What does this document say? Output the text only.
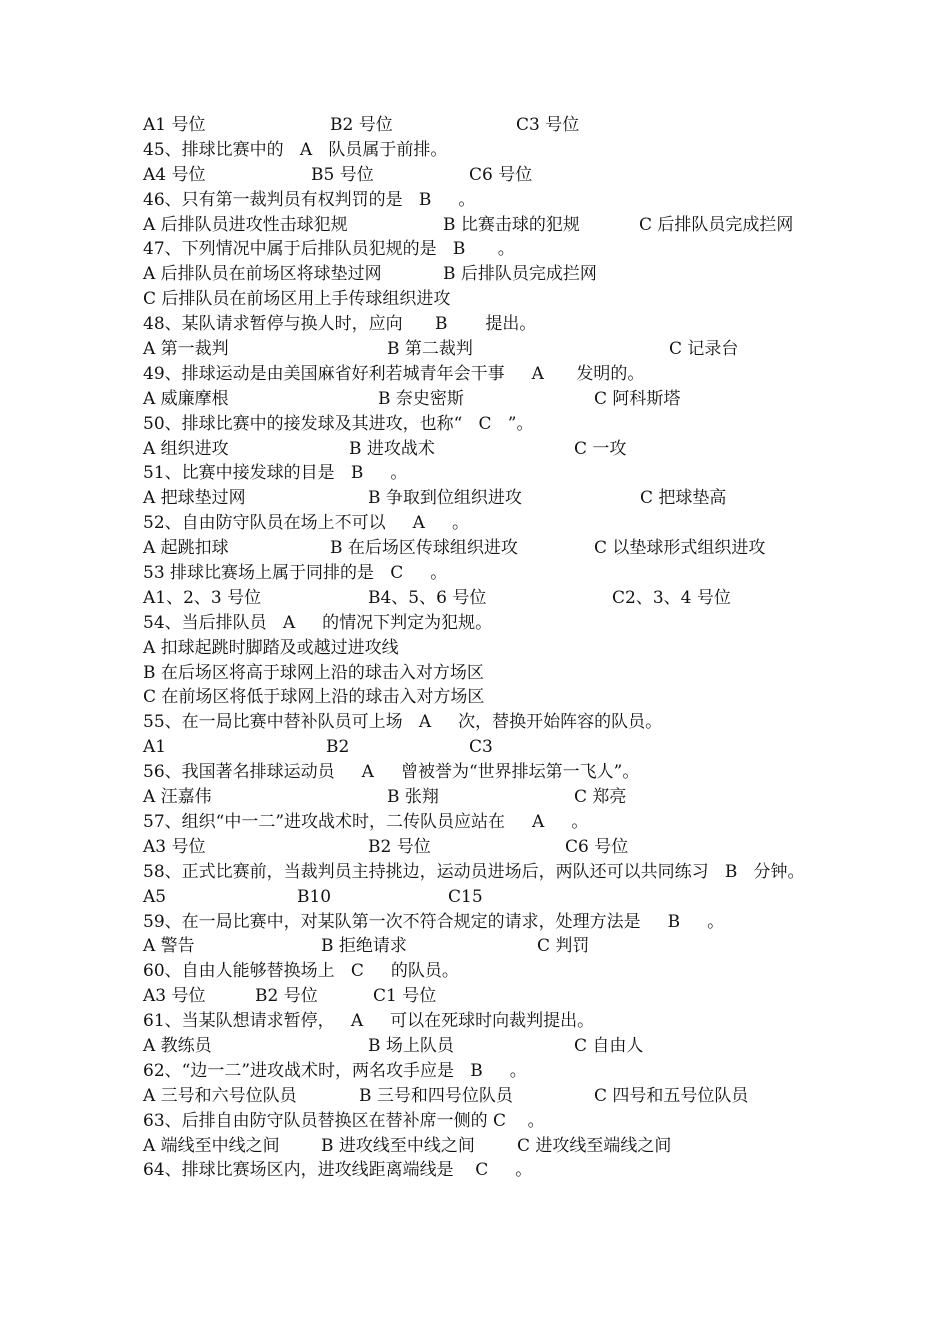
A1 号位	B2 号位	C3 号位
45、排球比赛中的   A   队员属于前排。
A4 号位	B5 号位	C6 号位
46、只有第一裁判员有权判罚的是   B     。
A 后排队员进攻性击球犯规	B 比赛击球的犯规	C 后排队员完成拦网
47、下列情况中属于后排队员犯规的是   B      。
A 后排队员在前场区将球垫过网	B 后排队员完成拦网
C 后排队员在前场区用上手传球组织进攻
48、某队请求暂停与换人时，应向      B       提出。
A 第一裁判	B 第二裁判	C 记录台
49、排球运动是由美国麻省好利若城青年会干事     A      发明的。
A 威廉摩根	B 奈史密斯	C 阿科斯塔
50、排球比赛中的接发球及其进攻，也称“   C   ”。
A 组织进攻	B 进攻战术	C 一攻
51、比赛中接发球的目是   B     。
A 把球垫过网	B 争取到位组织进攻	C 把球垫高
52、自由防守队员在场上不可以     A     。
A 起跳扣球	B 在后场区传球组织进攻	C 以垫球形式组织进攻
53 排球比赛场上属于同排的是   C     。
A1、2、3 号位	B4、5、6 号位	C2、3、4 号位
54、当后排队员   A     的情况下判定为犯规。
A 扣球起跳时脚踏及或越过进攻线
B 在后场区将高于球网上沿的球击入对方场区
C 在前场区将低于球网上沿的球击入对方场区
55、在一局比赛中替补队员可上场   A     次，替换开始阵容的队员。
A1	B2	C3
56、我国著名排球运动员     A     曾被誉为“世界排坛第一飞人”。
A 汪嘉伟	B 张翔	C 郑亮
57、组织“中一二”进攻战术时，二传队员应站在     A     。
A3 号位	B2 号位	C6 号位
58、正式比赛前，当裁判员主持挑边，运动员进场后，两队还可以共同练习   B   分钟。
A5	B10	C15
59、在一局比赛中，对某队第一次不符合规定的请求，处理方法是     B     。
A 警告	B 拒绝请求	C 判罚
60、自由人能够替换场上   C     的队员。
A3 号位	B2 号位	C1 号位
61、当某队想请求暂停，   A     可以在死球时向裁判提出。
A 教练员	B 场上队员	C 自由人
62、“边一二”进攻战术时，两名攻手应是   B     。
A 三号和六号位队员	B 三号和四号位队员	C 四号和五号位队员
63、后排自由防守队员替换区在替补席一侧的 C    。
A 端线至中线之间 B 进攻线至中线之间 C 进攻线至端线之间
64、排球比赛场区内，进攻线距离端线是    C     。
